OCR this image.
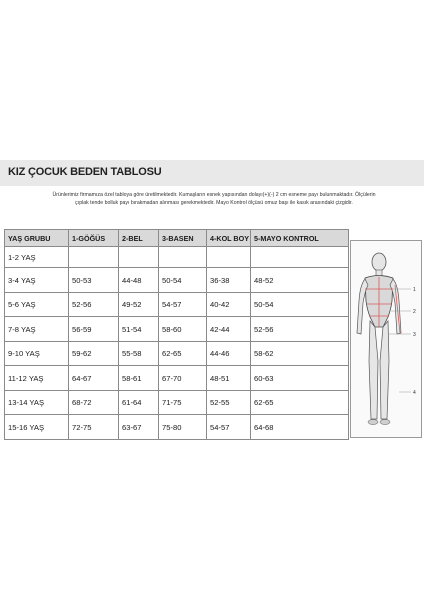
KIZ ÇOCUK BEDEN TABLOSU
Ürünlerimiz firmamıza özel tabloya göre üretilmektedir. Kumaşların esnek yapısından dolayı(+)(-) 2 cm esneme payı bulunmaktadır. Ölçülerin
çıplak tende bolluk payı bırakmadan alınması gerekmektedir. Mayo Kontrol ölçüsü omuz başı ile kasık arasındaki çizgidir.
YAŞ GRUBU	1-GÖĞÜS	2-BEL	3-BASEN	4-KOL BOY	5-MAYO KONTROL
1-2 YAŞ					
3-4 YAŞ	50-53	44-48	50-54	36-38	48-52
5-6 YAŞ	52-56	49-52	54-57	40-42	50-54
7-8 YAŞ	56-59	51-54	58-60	42-44	52-56
9-10 YAŞ	59-62	55-58	62-65	44-46	58-62
11-12 YAŞ	64-67	58-61	67-70	48-51	60-63
13-14 YAŞ	68-72	61-64	71-75	52-55	62-65
15-16 YAŞ	72-75	63-67	75-80	54-57	64-68
1
2
3
4
